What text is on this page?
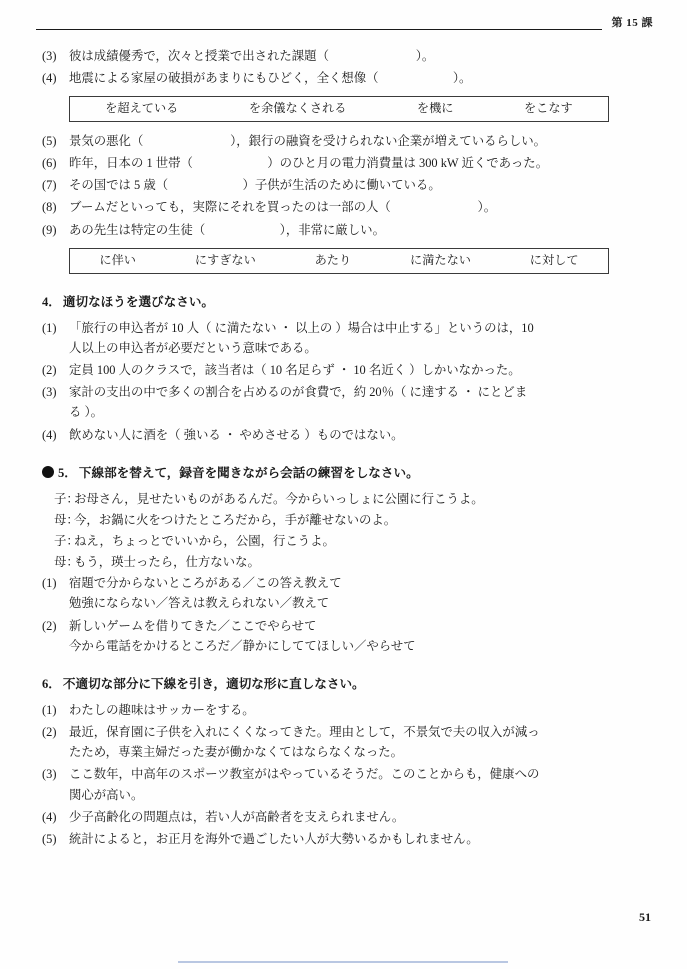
第 15 課
(3)	彼は成績優秀で，次々と授業で出された課題（　　　　　　　）。
(4)	地震による家屋の破損があまりにもひどく，全く想像（　　　　　　）。
を超えている	を余儀なくされる	を機に	をこなす
(5)	景気の悪化（　　　　　　　），銀行の融資を受けられない企業が増えているらしい。
(6)	昨年，日本の 1 世帯（　　　　　　）のひと月の電力消費量は 300 kW 近くであった。
(7)	その国では 5 歳（　　　　　　）子供が生活のために働いている。
(8)	ブームだといっても，実際にそれを買ったのは一部の人（　　　　　　　）。
(9)	あの先生は特定の生徒（　　　　　　），非常に厳しい。
に伴い	にすぎない	あたり	に満たない	に対して
4． 適切なほうを選びなさい。
(1)	「旅行の申込者が 10 人（ に満たない ・ 以上の ）場合は中止する」というのは，10
人以上の申込者が必要だという意味である。
(2)	定員 100 人のクラスで，該当者は（ 10 名足らず ・ 10 名近く ）しかいなかった。
(3)	家計の支出の中で多くの割合を占めるのが食費で，約 20％（ に達する ・ にとどま
る ）。
(4)	飲めない人に酒を（ 強いる ・ やめさせる ）ものではない。
5． 下線部を替えて，録音を聞きながら会話の練習をしなさい。
子：
お母さん，見せたいものがあるんだ。今からいっしょに公園に行こうよ。
母：
今，お鍋に火をつけたところだから，手が離せないのよ。
子：
ねえ，ちょっとでいいから，公園，行こうよ。
母：
もう，瑛士ったら，仕方ないな。
(1)	宿題で分からないところがある／この答え教えて
勉強にならない／答えは教えられない／教えて
(2)	新しいゲームを借りてきた／ここでやらせて
今から電話をかけるところだ／静かにしててほしい／やらせて
6． 不適切な部分に下線を引き，適切な形に直しなさい。
(1)	わたしの趣味はサッカーをする。
(2)	最近，保育園に子供を入れにくくなってきた。理由として，不景気で夫の収入が減っ
たため，専業主婦だった妻が働かなくてはならなくなった。
(3)	ここ数年，中高年のスポーツ教室がはやっているそうだ。このことからも，健康への
関心が高い。
(4)	少子高齢化の問題点は，若い人が高齢者を支えられません。
(5)	統計によると，お正月を海外で過ごしたい人が大勢いるかもしれません。
51
